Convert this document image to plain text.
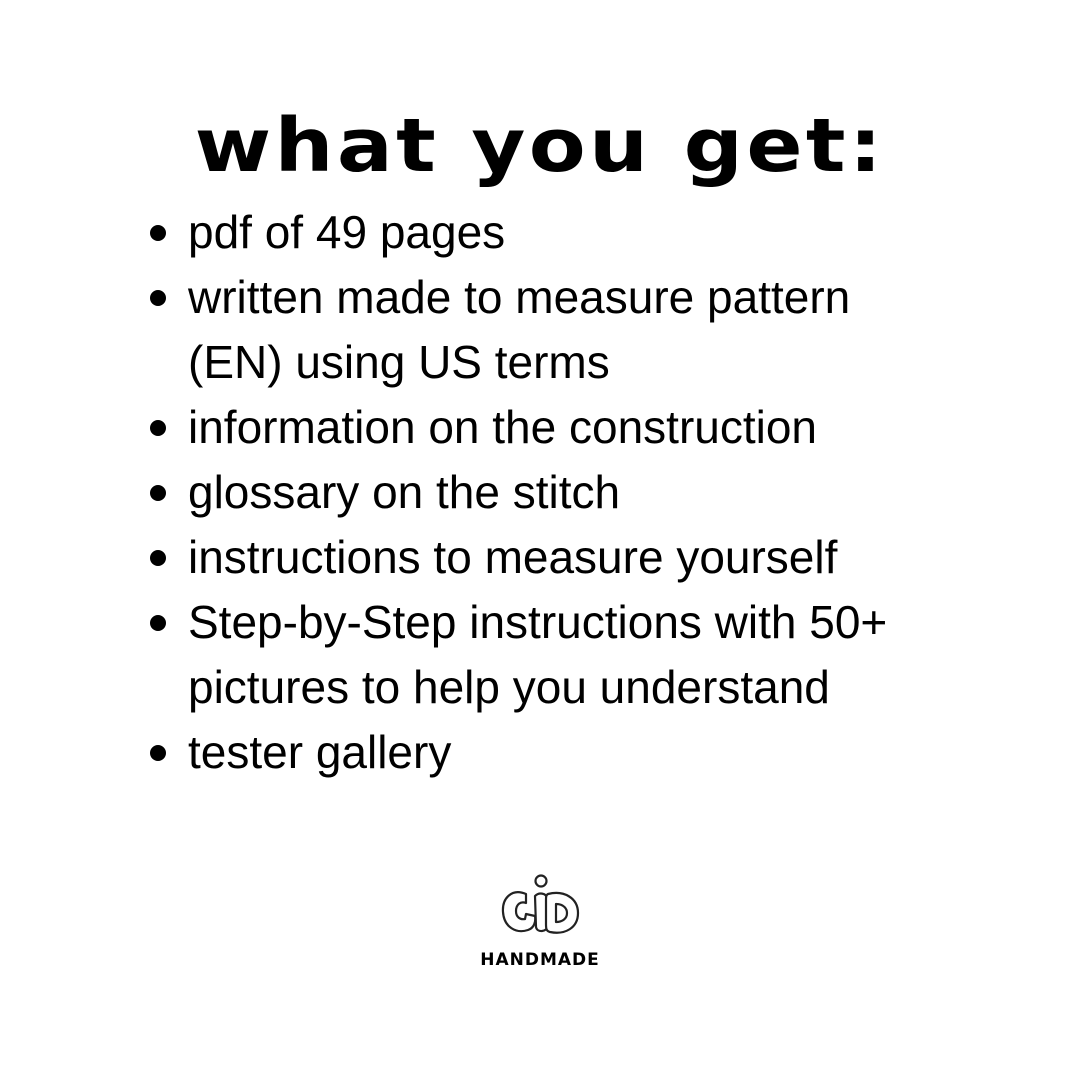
what you get:
pdf of 49 pages
written made to measure pattern (EN) using US terms
information on the construction
glossary on the stitch
instructions to measure yourself
Step-by-Step instructions with 50+ pictures to help you understand
tester gallery
GiD
HANDMADE
